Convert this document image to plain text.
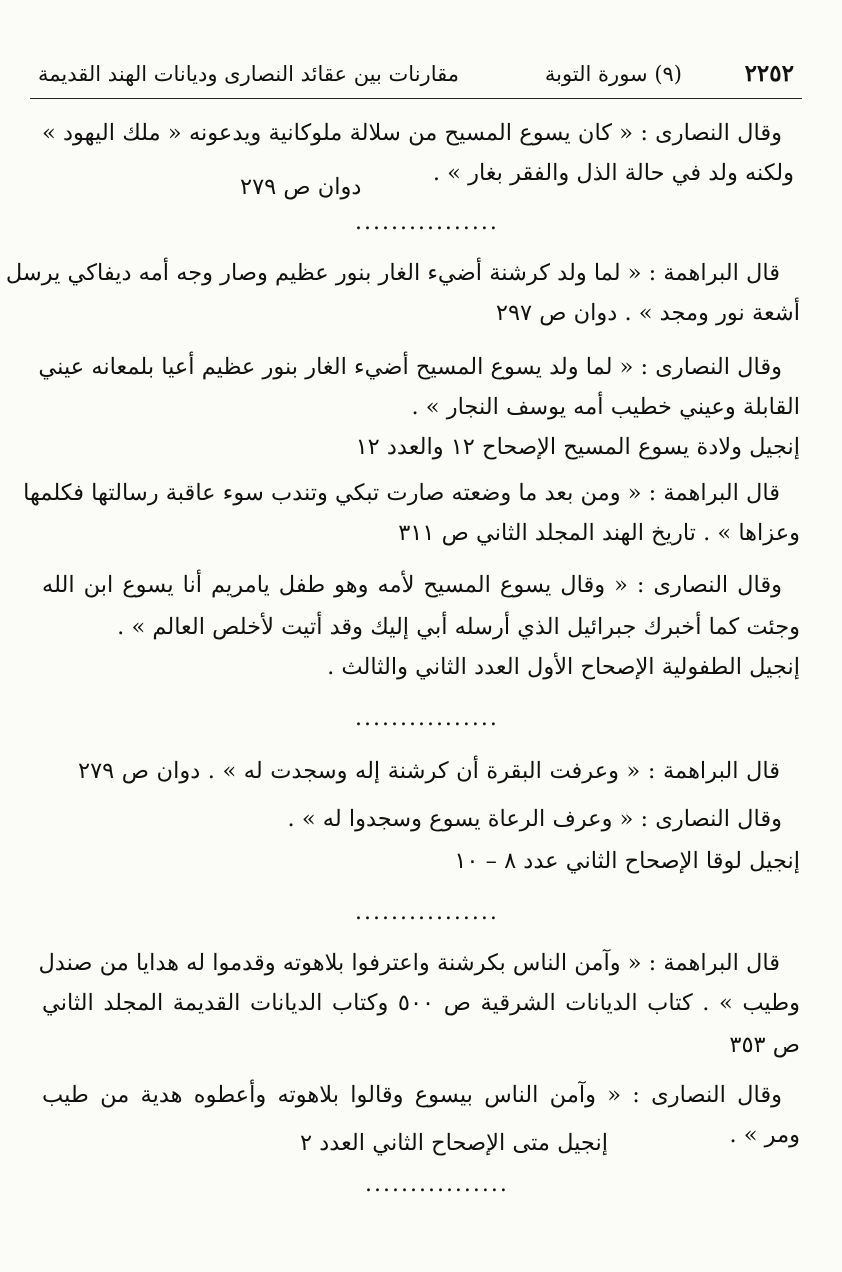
٢٢٥٢
(٩) سورة التوبة
مقارنات بين عقائد النصارى وديانات الهند القديمة
وقال النصارى : « كان يسوع المسيح من سلالة ملوكانية ويدعونه « ملك اليهود »
ولكنه ولد في حالة الذل والفقر بغار » .
دوان ص ٢٧٩
................
قال البراهمة : « لما ولد كرشنة أضيء الغار بنور عظيم وصار وجه أمه ديفاكي يرسل
أشعة نور ومجد » . دوان ص ٢٩٧
وقال النصارى : « لما ولد يسوع المسيح أضيء الغار بنور عظيم أعيا بلمعانه عيني
القابلة وعيني خطيب أمه يوسف النجار » .
إنجيل ولادة يسوع المسيح الإصحاح ١٢ والعدد ١٢
قال البراهمة : « ومن بعد ما وضعته صارت تبكي وتندب سوء عاقبة رسالتها فكلمها
وعزاها » . تاريخ الهند المجلد الثاني ص ٣١١
وقال النصارى : « وقال يسوع المسيح لأمه وهو طفل يامريم أنا يسوع ابن الله
وجئت كما أخبرك جبرائيل الذي أرسله أبي إليك وقد أتيت لأخلص العالم » .
إنجيل الطفولية الإصحاح الأول العدد الثاني والثالث .
................
قال البراهمة : « وعرفت البقرة أن كرشنة إله وسجدت له » . دوان ص ٢٧٩
وقال النصارى : « وعرف الرعاة يسوع وسجدوا له » .
إنجيل لوقا الإصحاح الثاني عدد ٨ – ١٠
................
قال البراهمة : « وآمن الناس بكرشنة واعترفوا بلاهوته وقدموا له هدايا من صندل
وطيب » . كتاب الديانات الشرقية ص ٥٠٠ وكتاب الديانات القديمة المجلد الثاني
ص ٣٥٣
وقال النصارى : « وآمن الناس بيسوع وقالوا بلاهوته وأعطوه هدية من طيب
ومر » .
إنجيل متى الإصحاح الثاني العدد ٢
................
